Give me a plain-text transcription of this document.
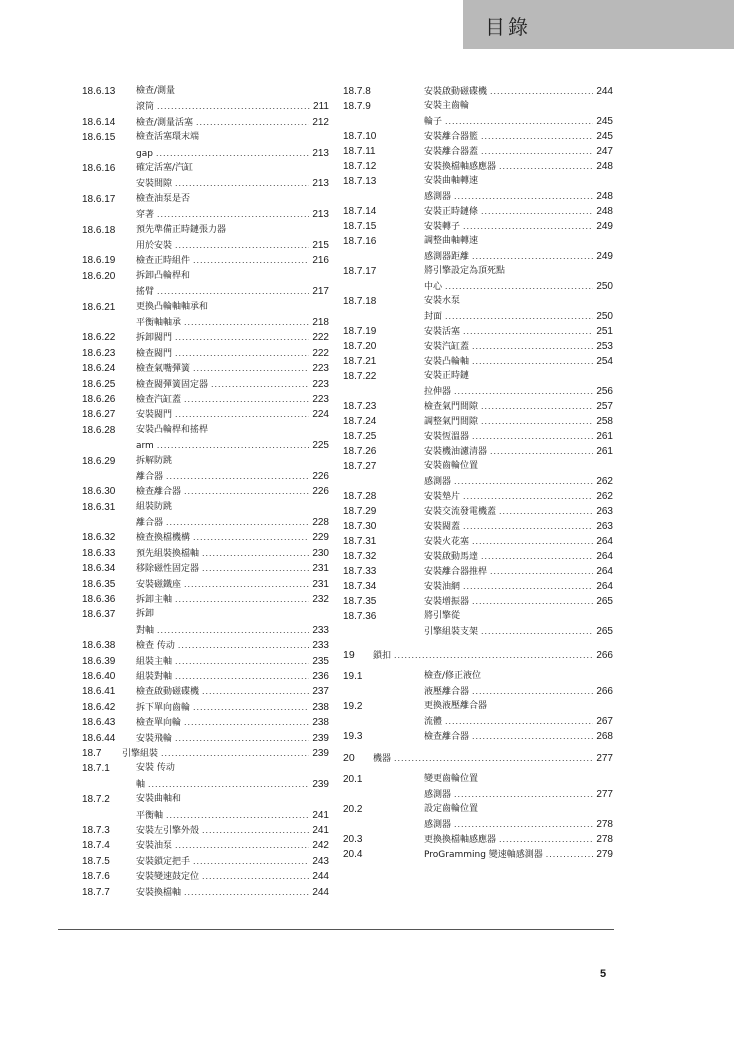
目錄
18.6.13 檢查/測量
滾筒 .....	211
18.6.14 檢查/測量活塞 .....	212
18.6.15 檢查活塞環末端
gap .....	213
18.6.16 確定活塞/汽缸
安裝間隙 .....	213
18.6.17 檢查油泵是否
穿著 .....	213
18.6.18 預先準備正時鏈張力器
用於安裝 .....	215
18.6.19 檢查正時組件 .....	216
18.6.20 拆卸凸輪桿和
搖臂 .....	217
18.6.21 更換凸輪軸軸承和
平衡軸軸承 .....	218
18.6.22 拆卸閥門 .....	222
18.6.23 檢查閥門 .....	222
18.6.24 檢查氣嘴彈簧 .....	223
18.6.25 檢查閥彈簧固定器 .....	223
18.6.26 檢查汽缸蓋 .....	223
18.6.27 安裝閥門 .....	224
18.6.28 安裝凸輪桿和搖桿
arm .....	225
18.6.29 拆解防跳
離合器 .....	226
18.6.30 檢查離合器 .....	226
18.6.31 組裝防跳
離合器 .....	228
18.6.32 檢查換檔機構 .....	229
18.6.33 預先組裝換檔軸 .....	230
18.6.34 移除磁性固定器 .....	231
18.6.35 安裝磁鐵座 .....	231
18.6.36 拆卸主軸 .....	232
18.6.37 拆卸
對軸 .....	233
18.6.38 檢查 传动 .....	233
18.6.39 組裝主軸 .....	235
18.6.40 組裝對軸 .....	236
18.6.41 檢查啟動磁碟機 .....	237
18.6.42 拆下單向齒輪 .....	238
18.6.43 檢查單向輪 .....	238
18.6.44 安裝飛輪 .....	239
18.7 引擎組裝 .....	239
18.7.1	安裝 传动
軸 .....	239
18.7.2	安裝曲軸和
平衡軸 .....	241
18.7.3	安裝左引擎外殼 .....	241
18.7.4	安裝油泵 .....	242
18.7.5	安裝鎖定把手 .....	243
18.7.6	安裝變速鼓定位 .....	244
18.7.7	安裝換檔軸 .....	244
18.7.8	安裝啟動磁碟機 .....	244
18.7.9	安裝主齒輪
輪子 .....	245
18.7.10	安裝離合器籃 .....	245
18.7.11	安裝離合器蓋 .....	247
18.7.12	安裝換檔軸感應器 .....	248
18.7.13	安裝曲軸轉速
感測器 .....	248
18.7.14	安裝正時鏈條 .....	248
18.7.15	安裝轉子 .....	249
18.7.16	調整曲軸轉速
感測器距離 .....	249
18.7.17	將引擎設定為頂死點
中心 .....	250
18.7.18	安裝水泵
封面 .....	250
18.7.19	安裝活塞 .....	251
18.7.20	安裝汽缸蓋 .....	253
18.7.21	安裝凸輪軸 .....	254
18.7.22	安裝正時鏈
拉伸器 .....	256
18.7.23	檢查氣門間隙 .....	257
18.7.24	調整氣門間隙 .....	258
18.7.25	安裝恆溫器 .....	261
18.7.26	安裝機油濾清器 .....	261
18.7.27	安裝齒輪位置
感測器 .....	262
18.7.28	安裝墊片 .....	262
18.7.29	安裝交流發電機蓋 .....	263
18.7.30	安裝閥蓋 .....	263
18.7.31	安裝火花塞 .....	264
18.7.32	安裝啟動馬達 .....	264
18.7.33	安裝離合器推桿 .....	264
18.7.34	安裝油網 .....	264
18.7.35	安裝增振器 .....	265
18.7.36	將引擎從
引擎組裝支架 .....	265
19 鎖扣 .....	266
19.1	檢查/修正液位
液壓離合器 .....	266
19.2	更換液壓離合器
流體 .....	267
19.3	檢查離合器 .....	268
20 機器 .....	277
20.1	變更齒輪位置
感測器 .....	277
20.2	設定齒輪位置
感測器 .....	278
20.3	更換換檔軸感應器 .....	278
20.4	ProGramming 變速軸感測器 .....	279
5
